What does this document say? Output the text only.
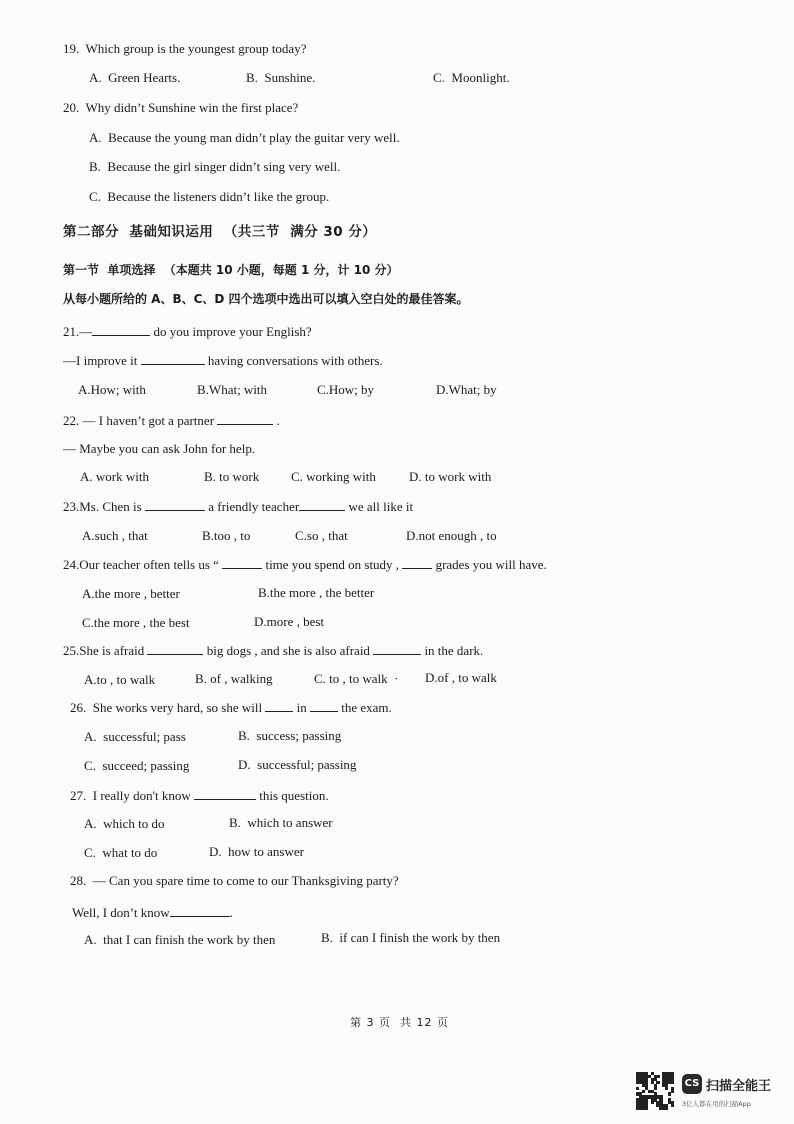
19.  Which group is the youngest group today?
A.  Green Hearts.	B.  Sunshine.	C.  Moonlight.
20.  Why didn’t Sunshine win the first place?
A.  Because the young man didn’t play the guitar very well.
B.  Because the girl singer didn’t sing very well.
C.  Because the listeners didn’t like the group.
第二部分  基础知识运用  （共三节  满分 30 分）
第一节  单项选择  （本题共 10 小题，每题 1 分，计 10 分）
从每小题所给的 A、B、C、D 四个选项中选出可以填入空白处的最佳答案。
21.—	do you improve your English?
—I improve it	having conversations with others.
A.How; with	B.What; with	C.How; by	D.What; by
22. — I haven’t got a partner	.
— Maybe you can ask John for help.
A. work with	B. to work C. working with	D. to work with
23.Ms. Chen is	a friendly teacher	we all like it
A.such , that	B.too , to	C.so , that	D.not enough , to
24.Our teacher often tells us “	time you spend on study ,  grades you will have.
A.the more , better	B.the more , the better
C.the more , the best	D.more , best
25.She is afraid	big dogs , and she is also afraid	in the dark.
A.to , to walk	B. of , walking	C. to , to walk  · D.of , to walk
26.  She works very hard, so she will  in  the exam.
A.  successful; pass	B.  success; passing
C.  succeed; passing	D.  successful; passing
27.  I really don't know	this question.
A.  which to do	B.  which to answer
C.  what to do	D.  how to answer
28.  — Can you spare time to come to our Thanksgiving party?
Well, I don’t know	.
A.  that I can finish the work by then	B.  if can I finish the work by then
第 3 页  共 12 页
CS 扫描全能王
3亿人都在用的扫描App
